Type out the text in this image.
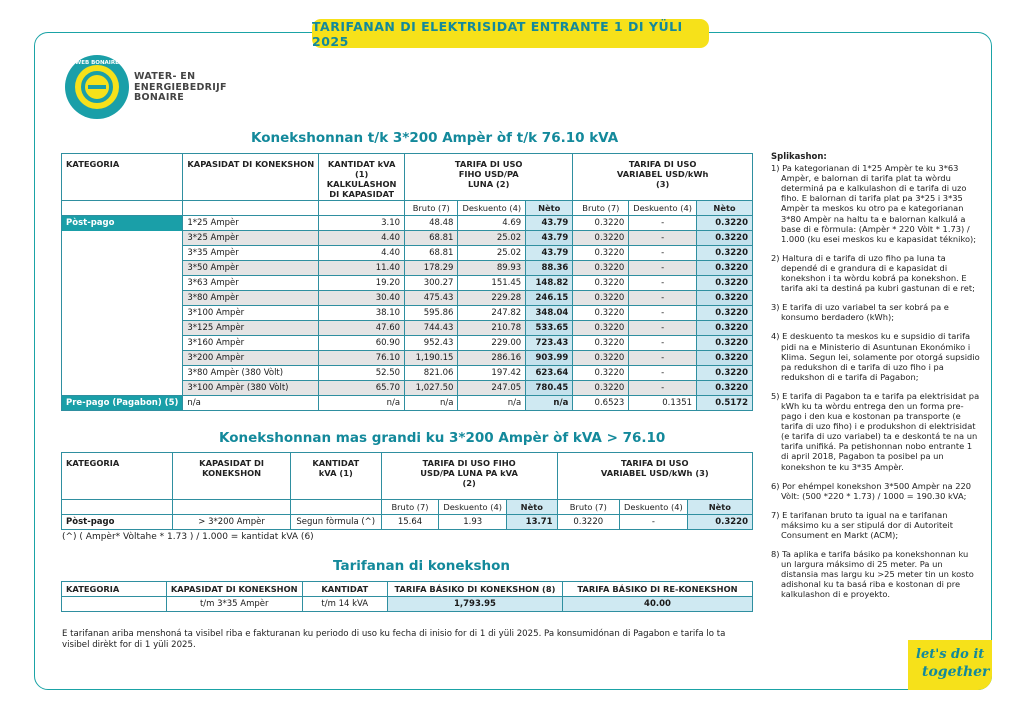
TARIFANAN DI ELEKTRISIDAT ENTRANTE 1 DI YÜLI 2025
WEB BONAIRE
WATER- EN
ENERGIEBEDRIJF
BONAIRE
Konekshonnan t/k 3*200 Ampèr òf t/k 76.10 kVA
KATEGORIA	KAPASIDAT DI KONEKSHON	KANTIDAT kVA (1) KALKULASHON DI KAPASIDAT	TARIFA DI USO FIHO USD/PA LUNA (2)			TARIFA DI USO VARIABEL USD/kWh (3)		
			Bruto (7)	Deskuento (4)	Nèto	Bruto (7)	Deskuento (4)	Nèto
Pòst-pago	1*25 Ampèr	3.10	48.48	4.69	43.79	0.3220	-	0.3220
	3*25 Ampèr	4.40	68.81	25.02	43.79	0.3220	-	0.3220
	3*35 Ampèr	4.40	68.81	25.02	43.79	0.3220	-	0.3220
	3*50 Ampèr	11.40	178.29	89.93	88.36	0.3220	-	0.3220
	3*63 Ampèr	19.20	300.27	151.45	148.82	0.3220	-	0.3220
	3*80 Ampèr	30.40	475.43	229.28	246.15	0.3220	-	0.3220
	3*100 Ampèr	38.10	595.86	247.82	348.04	0.3220	-	0.3220
	3*125 Ampèr	47.60	744.43	210.78	533.65	0.3220	-	0.3220
	3*160 Ampèr	60.90	952.43	229.00	723.43	0.3220	-	0.3220
	3*200 Ampèr	76.10	1,190.15	286.16	903.99	0.3220	-	0.3220
	3*80 Ampèr (380 Vòlt)	52.50	821.06	197.42	623.64	0.3220	-	0.3220
	3*100 Ampèr (380 Vòlt)	65.70	1,027.50	247.05	780.45	0.3220	-	0.3220
Pre-pago (Pagabon) (5)	n/a	n/a	n/a	n/a	n/a	0.6523	0.1351	0.5172
Konekshonnan mas grandi ku 3*200 Ampèr òf kVA > 76.10
KATEGORIA	KAPASIDAT DI KONEKSHON	KANTIDAT kVA (1)	TARIFA DI USO FIHO USD/PA LUNA PA kVA (2)			TARIFA DI USO VARIABEL USD/kWh (3)		
			Bruto (7)	Deskuento (4)	Nèto	Bruto (7)	Deskuento (4)	Nèto
Pòst-pago	> 3*200 Ampèr	Segun fòrmula (^)	15.64	1.93	13.71	0.3220	-	0.3220
(^) ( Ampèr* Vòltahe * 1.73 ) / 1.000 = kantidat kVA (6)
Tarifanan di konekshon
KATEGORIA	KAPASIDAT DI KONEKSHON	KANTIDAT	TARIFA BÁSIKO DI KONEKSHON (8)	TARIFA BÁSIKO DI RE-KONEKSHON
	t/m 3*35 Ampèr	t/m 14 kVA	1,793.95	40.00
E tarifanan ariba menshoná ta visibel riba e fakturanan ku periodo di uso ku fecha di inisio for di 1 di yüli 2025. Pa konsumidónan di Pagabon e tarifa lo ta visibel dirèkt for di 1 yüli 2025.
Splikashon:
1) Pa kategorianan di 1*25 Ampèr te ku 3*63 Ampèr, e balornan di tarifa plat ta wòrdu determiná pa e kalkulashon di e tarifa di uzo fiho. E balornan di tarifa plat pa 3*25 i 3*35 Ampèr ta meskos ku otro pa e kategorianan 3*80 Ampèr na haltu ta e balornan kalkulá a base di e fòrmula: (Ampèr * 220 Vòlt * 1.73) / 1.000 (ku esei meskos ku e kapasidat tékniko);
2) Haltura di e tarifa di uzo fiho pa luna ta dependé di e grandura di e kapasidat di konekshon i ta wòrdu kobrá pa konekshon. E tarifa aki ta destiná pa kubri gastunan di e ret;
3) E tarifa di uzo variabel ta ser kobrá pa e konsumo berdadero (kWh);
4) E deskuento ta meskos ku e supsidio di tarifa pidi na e Ministerio di Asuntunan Ekonómiko i Klima. Segun lei, solamente por otorgá supsidio pa redukshon di e tarifa di uzo fiho i pa redukshon di e tarifa di Pagabon;
5) E tarifa di Pagabon ta e tarifa pa elektrisidat pa kWh ku ta wòrdu entrega den un forma pre-pago i den kua e kostonan pa transporte (e tarifa di uzo fiho) i e produkshon di elektrisidat (e tarifa di uzo variabel) ta e deskontá te na un tarifa unifiká. Pa petishonnan nobo entrante 1 di april 2018, Pagabon ta posibel pa un konekshon te ku 3*35 Ampèr.
6) Por ehémpel konekshon 3*500 Ampèr na 220 Vòlt: (500 *220 * 1.73) / 1000 = 190.30 kVA;
7) E tarifanan bruto ta igual na e tarifanan máksimo ku a ser stipulá dor di Autoriteit Consument en Markt (ACM);
8) Ta aplika e tarifa básiko pa konekshonnan ku un largura máksimo di 25 meter. Pa un distansia mas largu ku >25 meter tin un kosto adishonal ku ta basá riba e kostonan di pre kalkulashon di e proyekto.
let's do it
together
